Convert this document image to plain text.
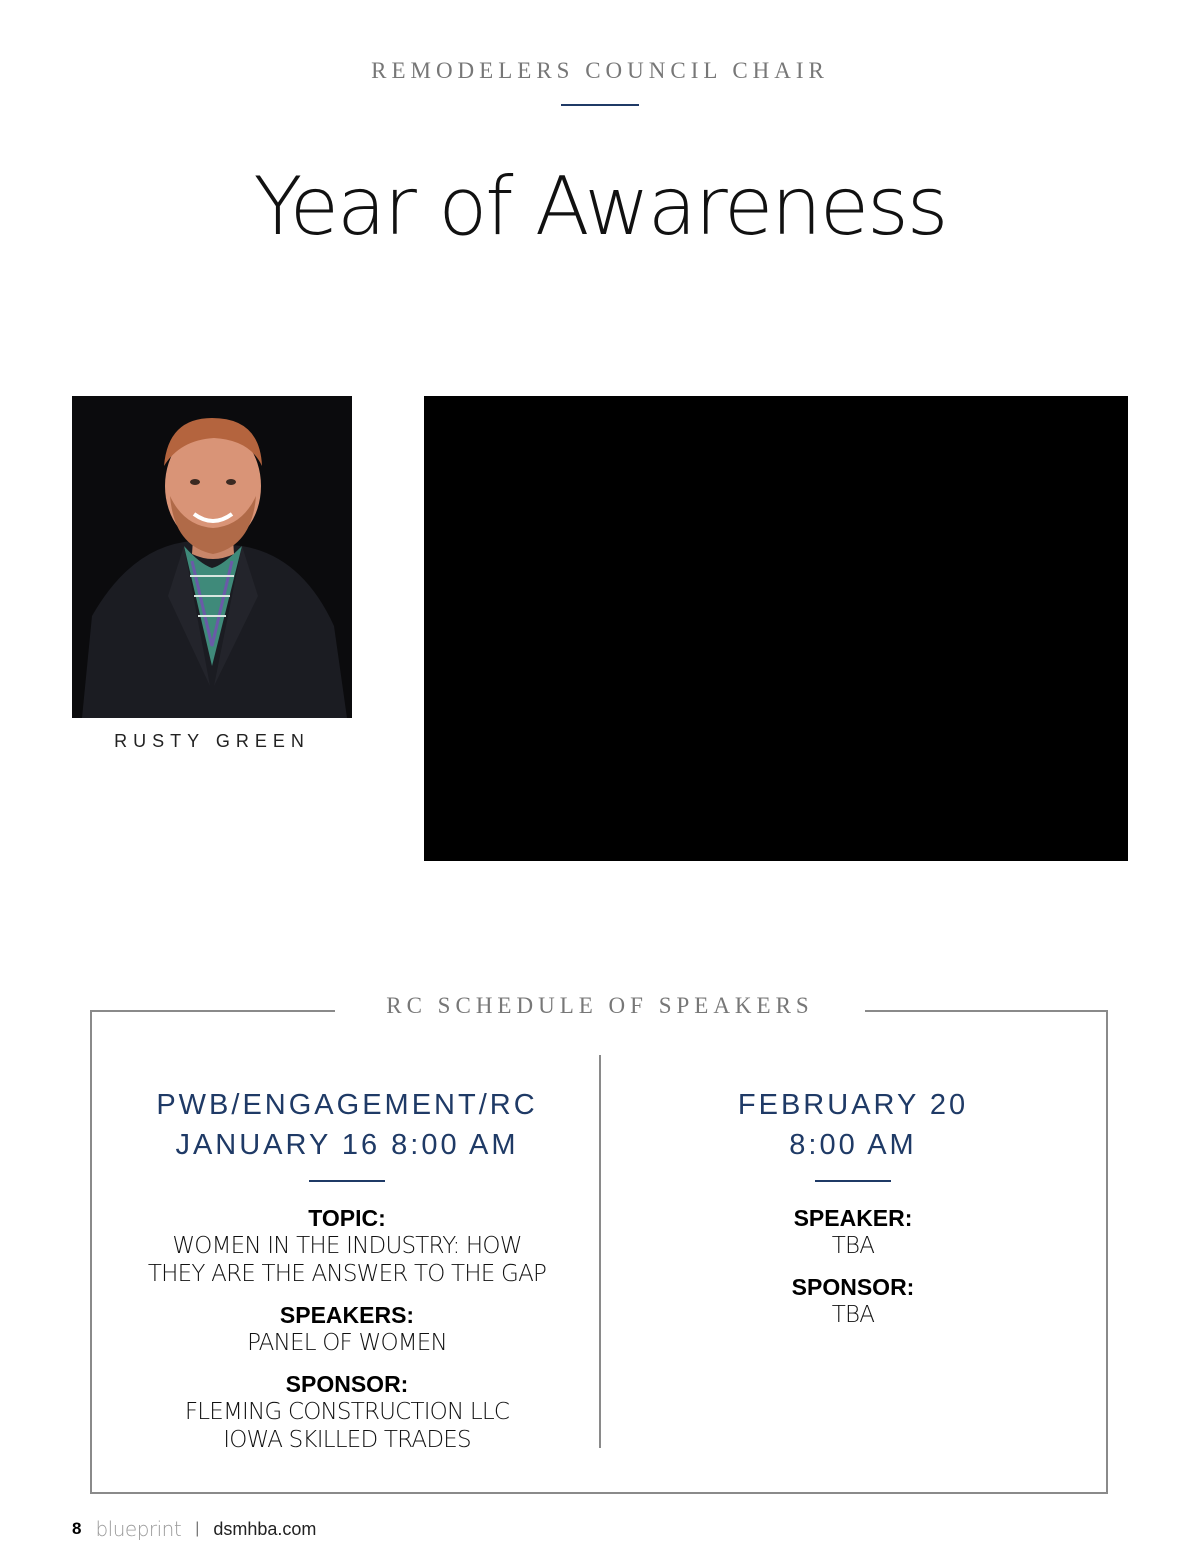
REMODELERS COUNCIL CHAIR
Year of Awareness
RUSTY GREEN
RC SCHEDULE OF SPEAKERS
PWB/ENGAGEMENT/RC
JANUARY 16 8:00 AM
TOPIC:
WOMEN IN THE INDUSTRY: HOW
THEY ARE THE ANSWER TO THE GAP
SPEAKERS:
PANEL OF WOMEN
SPONSOR:
FLEMING CONSTRUCTION LLC
IOWA SKILLED TRADES
FEBRUARY 20
8:00 AM
SPEAKER:
TBA
SPONSOR:
TBA
8 blueprint | dsmhba.com
